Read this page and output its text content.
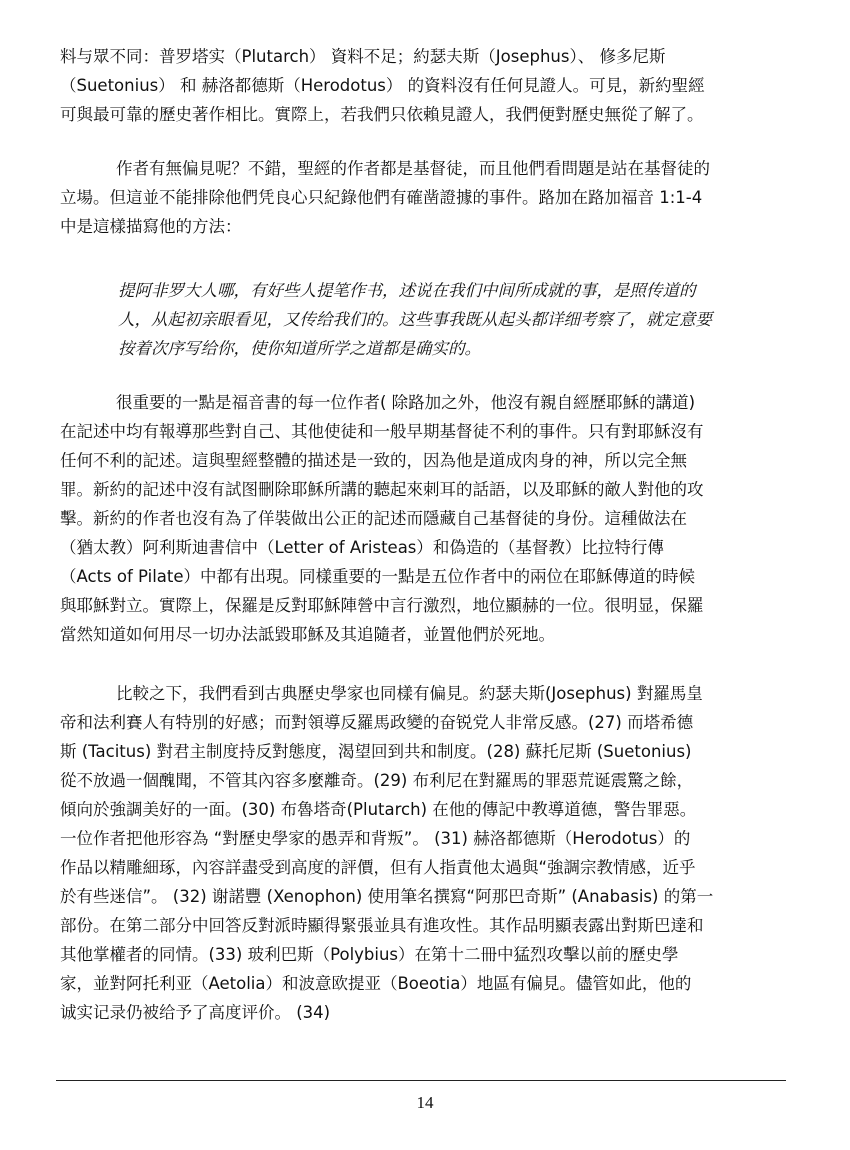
料与眾不同：普罗塔实（Plutarch） 資料不足；約瑟夫斯（Josephus）、 修多尼斯
（Suetonius） 和 赫洛都德斯（Herodotus） 的資料沒有任何見證人。可見，新約聖經
可與最可靠的歷史著作相比。實際上，若我們只依賴見證人，我們便對歷史無從了解了。

作者有無偏見呢？不錯，聖經的作者都是基督徒，而且他們看問題是站在基督徒的
立場。但這並不能排除他們凭良心只紀錄他們有確凿證據的事件。路加在路加福音 1:1-4
中是這樣描寫他的方法：

提阿非罗大人哪，有好些人提笔作书，述说在我们中间所成就的事，是照传道的
人，从起初亲眼看见，又传给我们的。这些事我既从起头都详细考察了，就定意要
按着次序写给你，使你知道所学之道都是确实的。

很重要的一點是福音書的每一位作者( 除路加之外，他沒有親自經歷耶穌的講道)
在記述中均有報導那些對自己、其他使徒和一般早期基督徒不利的事件。只有對耶穌沒有
任何不利的記述。這與聖經整體的描述是一致的，因為他是道成肉身的神，所以完全無
罪。新約的記述中沒有試图刪除耶穌所講的聽起來刺耳的話語，以及耶穌的敵人對他的攻
擊。新約的作者也沒有為了佯裝做出公正的記述而隱藏自己基督徒的身份。這種做法在
（猶太教）阿利斯迪書信中（Letter of Aristeas）和偽造的（基督教）比拉特行傳
（Acts of Pilate）中都有出現。同樣重要的一點是五位作者中的兩位在耶穌傳道的時候
與耶穌對立。實際上，保羅是反對耶穌陣營中言行激烈，地位顯赫的一位。很明显，保羅
當然知道如何用尽一切办法詆毀耶穌及其追隨者，並置他們於死地。

比較之下，我們看到古典歷史學家也同樣有偏見。約瑟夫斯(Josephus) 對羅馬皇
帝和法利賽人有特別的好感；而對領導反羅馬政變的奋锐党人非常反感。(27) 而塔希德
斯 (Tacitus) 對君主制度持反對態度，渴望回到共和制度。(28) 蘇托尼斯 (Suetonius)
從不放過一個醜聞，不管其內容多麼離奇。(29) 布利尼在對羅馬的罪惡荒诞震驚之餘，
傾向於強調美好的一面。(30) 布魯塔奇(Plutarch) 在他的傳記中教導道德，警告罪惡。
一位作者把他形容為 “對歷史學家的愚弄和背叛”。 (31) 赫洛都德斯（Herodotus）的
作品以精雕細琢，內容詳盡受到高度的評價，但有人指責他太過與“強調宗教情感，近乎
於有些迷信”。 (32) 谢諾豐 (Xenophon) 使用筆名撰寫“阿那巴奇斯” (Anabasis) 的第一
部份。在第二部分中回答反對派時顯得緊張並具有進攻性。其作品明顯表露出對斯巴達和
其他掌權者的同情。(33) 玻利巴斯（Polybius）在第十二冊中猛烈攻擊以前的歷史學
家，並對阿托利亚（Aetolia）和波意欧提亚（Boeotia）地區有偏見。儘管如此，他的
诚实记录仍被给予了高度评价。 (34)

14
